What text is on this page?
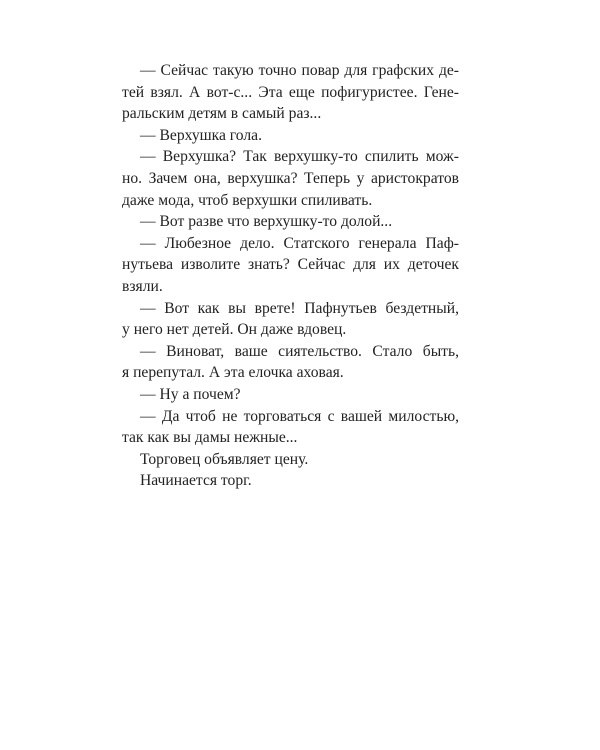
— Сейчас такую точно повар для графских де-
тей взял. А вот-с... Эта еще пофигуристее. Гене-
ральским детям в самый раз...
— Верхушка гола.
— Верхушка? Так верхушку-то спилить мож-
но. Зачем она, верхушка? Теперь у аристократов
даже мода, чтоб верхушки спиливать.
— Вот разве что верхушку-то долой...
— Любезное дело. Статского генерала Паф-
нутьева изволите знать? Сейчас для их деточек
взяли.
— Вот как вы врете! Пафнутьев бездетный,
у него нет детей. Он даже вдовец.
— Виноват, ваше сиятельство. Стало быть,
я перепутал. А эта елочка аховая.
— Ну а почем?
— Да чтоб не торговаться с вашей милостью,
так как вы дамы нежные...
Торговец объявляет цену.
Начинается торг.
